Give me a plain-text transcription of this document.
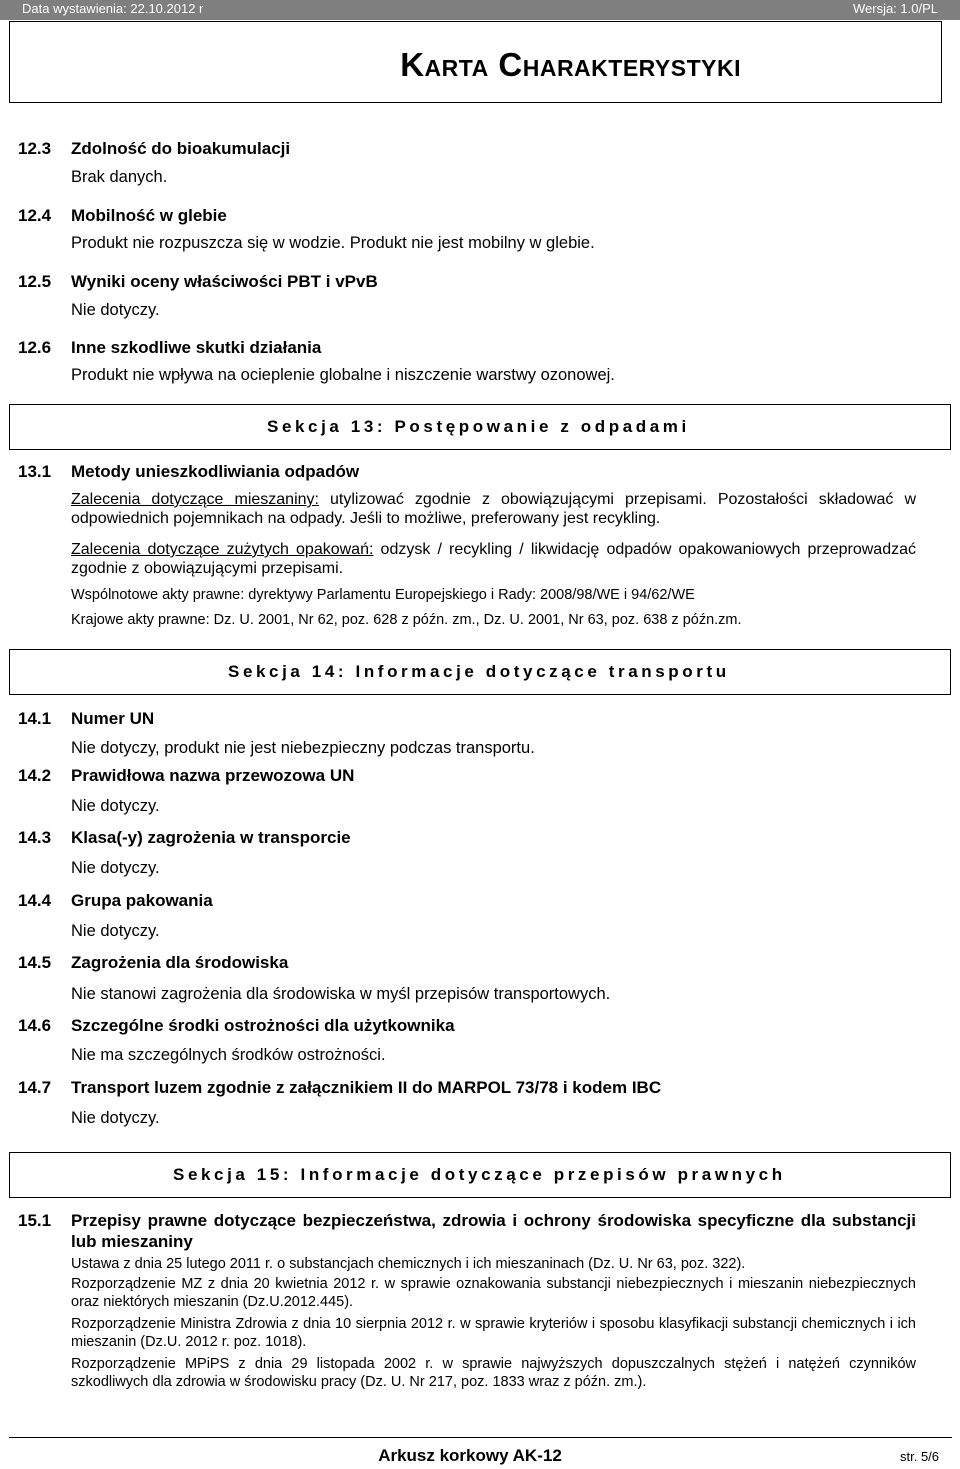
Data wystawienia: 22.10.2012 r	Wersja: 1.0/PL
Karta Charakterystyki
12.3 Zdolność do bioakumulacji
Brak danych.
12.4 Mobilność w glebie
Produkt nie rozpuszcza się w wodzie. Produkt nie jest mobilny w glebie.
12.5 Wyniki oceny właściwości PBT i vPvB
Nie dotyczy.
12.6 Inne szkodliwe skutki działania
Produkt nie wpływa na ocieplenie globalne i niszczenie warstwy ozonowej.
Sekcja 13: Postępowanie z odpadami
13.1 Metody unieszkodliwiania odpadów
Zalecenia dotyczące mieszaniny: utylizować zgodnie z obowiązującymi przepisami. Pozostałości składować w odpowiednich pojemnikach na odpady. Jeśli to możliwe, preferowany jest recykling.
Zalecenia dotyczące zużytych opakowań: odzysk / recykling / likwidację odpadów opakowaniowych przeprowadzać zgodnie z obowiązującymi przepisami.
Wspólnotowe akty prawne: dyrektywy Parlamentu Europejskiego i Rady: 2008/98/WE i 94/62/WE
Krajowe akty prawne: Dz. U. 2001, Nr 62, poz. 628 z późn. zm., Dz. U. 2001, Nr 63, poz. 638 z późn.zm.
Sekcja 14: Informacje dotyczące transportu
14.1 Numer UN
Nie dotyczy, produkt nie jest niebezpieczny podczas transportu.
14.2 Prawidłowa nazwa przewozowa UN
Nie dotyczy.
14.3 Klasa(-y) zagrożenia w transporcie
Nie dotyczy.
14.4 Grupa pakowania
Nie dotyczy.
14.5 Zagrożenia dla środowiska
Nie stanowi zagrożenia dla środowiska w myśl przepisów transportowych.
14.6 Szczególne środki ostrożności dla użytkownika
Nie ma szczególnych środków ostrożności.
14.7 Transport luzem zgodnie z załącznikiem II do MARPOL 73/78 i kodem IBC
Nie dotyczy.
Sekcja 15: Informacje dotyczące przepisów prawnych
15.1 Przepisy prawne dotyczące bezpieczeństwa, zdrowia i ochrony środowiska specyficzne dla substancji lub mieszaniny
Ustawa z dnia 25 lutego 2011 r. o substancjach chemicznych i ich mieszaninach (Dz. U. Nr 63, poz. 322).
Rozporządzenie MZ z dnia 20 kwietnia 2012 r. w sprawie oznakowania substancji niebezpiecznych i mieszanin niebezpiecznych oraz niektórych mieszanin (Dz.U.2012.445).
Rozporządzenie Ministra Zdrowia z dnia 10 sierpnia 2012 r. w sprawie kryteriów i sposobu klasyfikacji substancji chemicznych i ich mieszanin (Dz.U. 2012 r. poz. 1018).
Rozporządzenie MPiPS z dnia 29 listopada 2002 r. w sprawie najwyższych dopuszczalnych stężeń i natężeń czynników szkodliwych dla zdrowia w środowisku pracy (Dz. U. Nr 217, poz. 1833 wraz z późn. zm.).
Arkusz korkowy AK-12	str. 5/6
